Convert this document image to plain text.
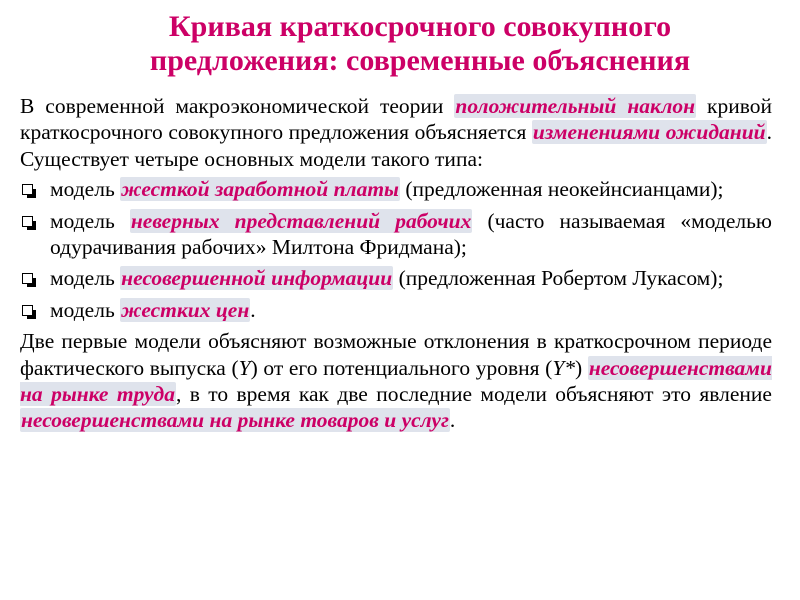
Кривая краткосрочного совокупного
предложения: современные объяснения

В современной макроэкономической теории положительный наклон кривой краткосрочного совокупного предложения объясняется изменениями ожиданий. Существует четыре основных модели такого типа:

модель жесткой заработной платы (предложенная неокейнсианцами);
модель неверных представлений рабочих (часто называемая «моделью одурачивания рабочих» Милтона Фридмана);
модель несовершенной информации (предложенная Робертом Лукасом);
модель жестких цен.

Две первые модели объясняют возможные отклонения в краткосрочном периоде фактического выпуска (Y) от его потенциального уровня (Y*) несовершенствами на рынке труда, в то время как две последние модели объясняют это явление несовершенствами на рынке товаров и услуг.
